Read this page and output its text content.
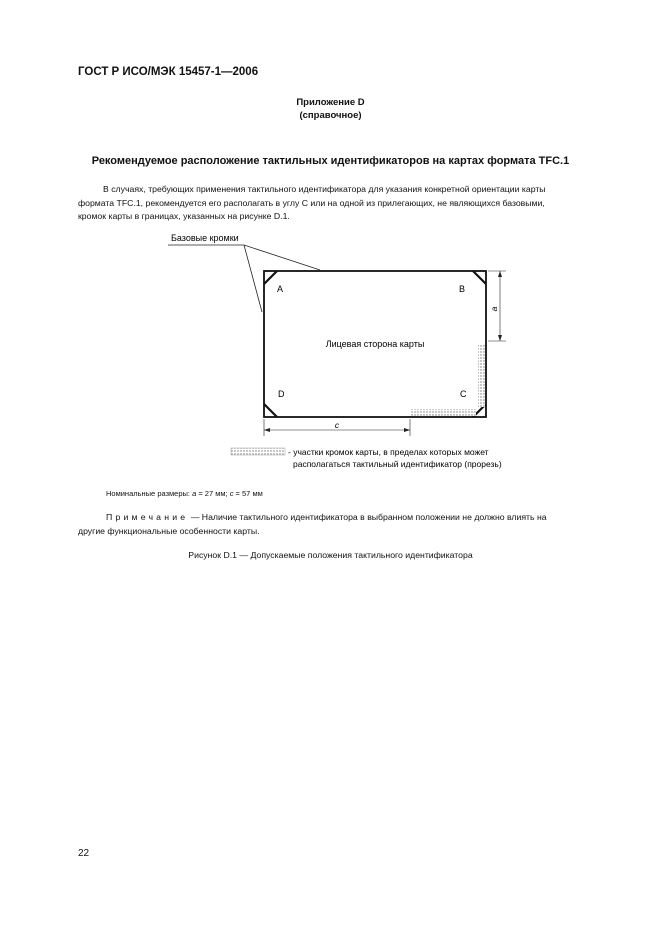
ГОСТ Р ИСО/МЭК 15457-1—2006
Приложение D
(справочное)
Рекомендуемое расположение тактильных идентификаторов на картах формата TFC.1
В случаях, требующих применения тактильного идентификатора для указания конкретной ориентации карты
формата TFC.1, рекомендуется его располагать в углу С или на одной из прилегающих, не являющихся базовыми,
кромок карты в границах, указанных на рисунке D.1.
Базовые кромки
A	B
D	C
Лицевая сторона карты
a
c
- участки кромок карты, в пределах которых может
располагаться тактильный идентификатор (прорезь)
Номинальные размеры: a = 27 мм; c = 57 мм
Примечание — Наличие тактильного идентификатора в выбранном положении не должно влиять на
другие функциональные особенности карты.
Рисунок D.1 — Допускаемые положения тактильного идентификатора
22
